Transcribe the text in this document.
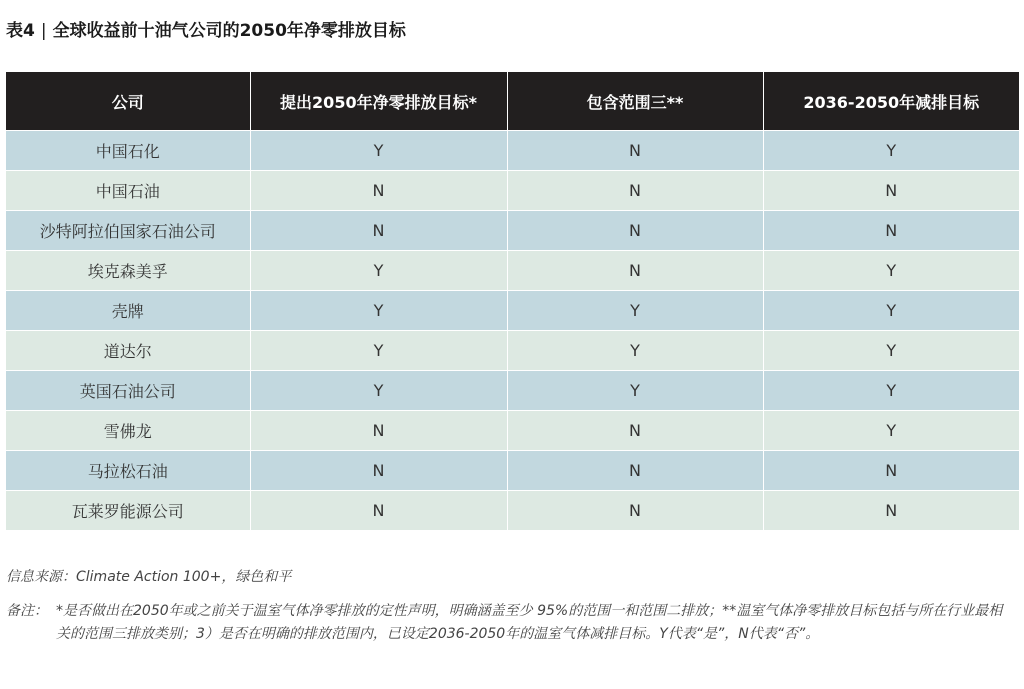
表4 | 全球收益前十油气公司的2050年净零排放目标
公司	提出2050年净零排放目标*	包含范围三**	2036-2050年减排目标
中国石化	Y	N	Y
中国石油	N	N	N
沙特阿拉伯国家石油公司	N	N	N
埃克森美孚	Y	N	Y
壳牌	Y	Y	Y
道达尔	Y	Y	Y
英国石油公司	Y	Y	Y
雪佛龙	N	N	Y
马拉松石油	N	N	N
瓦莱罗能源公司	N	N	N
信息来源：Climate Action 100+，绿色和平
备注： *是否做出在2050年或之前关于温室气体净零排放的定性声明，明确涵盖至少 95%的范围一和范围二排放；**温室气体净零排放目标包括与所在行业最相关的范围三排放类别；3）是否在明确的排放范围内，已设定2036-2050年的温室气体减排目标。Y代表“是”，N代表“否”。
